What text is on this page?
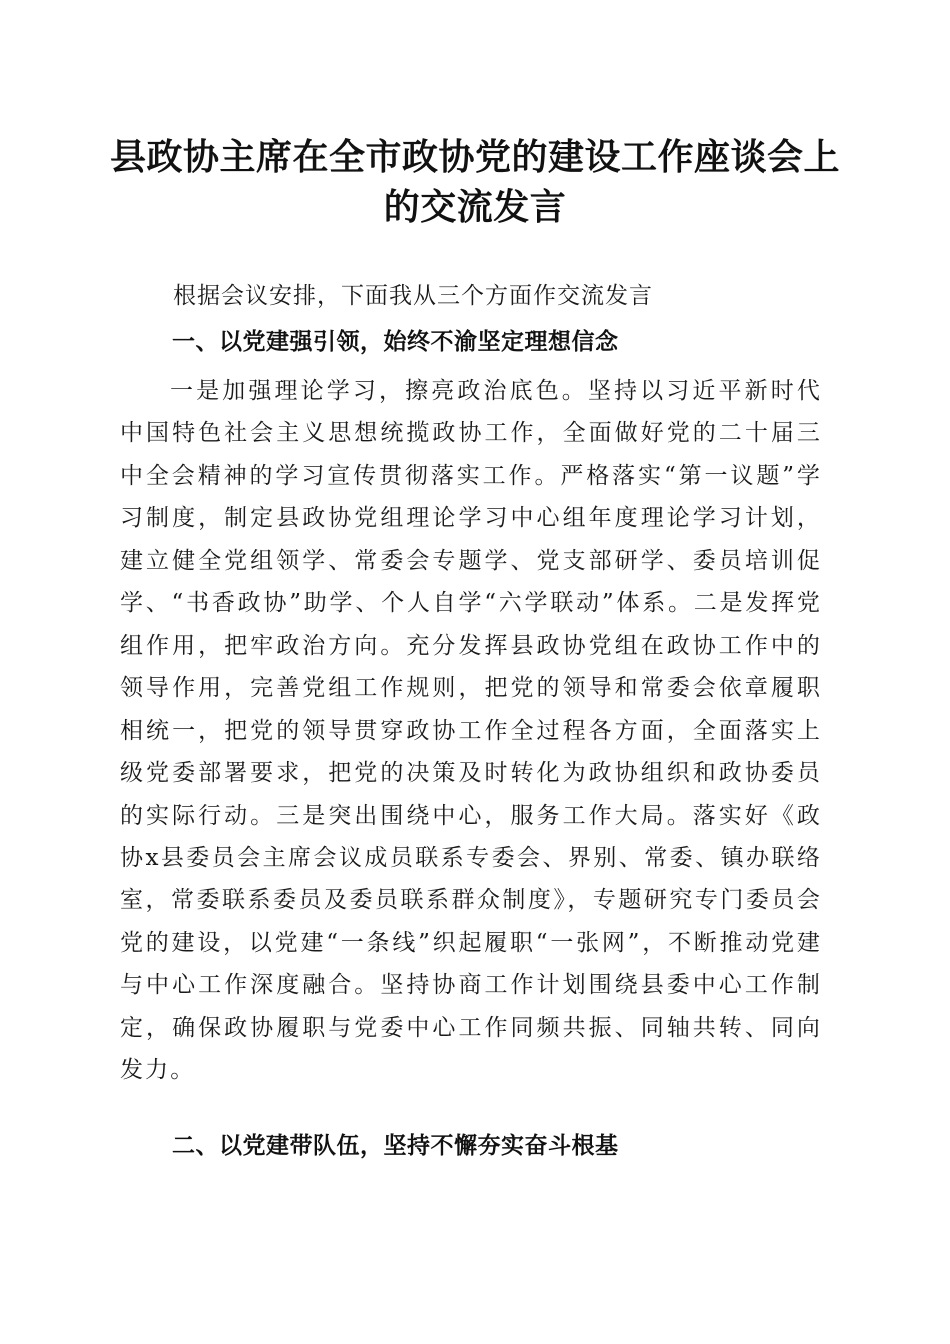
县政协主席在全市政协党的建设工作座谈会上的交流发言

根据会议安排，下面我从三个方面作交流发言

一、以党建强引领，始终不渝坚定理想信念

一是加强理论学习，擦亮政治底色。坚持以习近平新时代中国特色社会主义思想统揽政协工作，全面做好党的二十届三中全会精神的学习宣传贯彻落实工作。严格落实“第一议题”学习制度，制定县政协党组理论学习中心组年度理论学习计划，建立健全党组领学、常委会专题学、党支部研学、委员培训促学、“书香政协”助学、个人自学“六学联动”体系。二是发挥党组作用，把牢政治方向。充分发挥县政协党组在政协工作中的领导作用，完善党组工作规则，把党的领导和常委会依章履职相统一，把党的领导贯穿政协工作全过程各方面，全面落实上级党委部署要求，把党的决策及时转化为政协组织和政协委员的实际行动。三是突出围绕中心，服务工作大局。落实好《政协x县委员会主席会议成员联系专委会、界别、常委、镇办联络室，常委联系委员及委员联系群众制度》，专题研究专门委员会党的建设，以党建“一条线”织起履职“一张网”，不断推动党建与中心工作深度融合。坚持协商工作计划围绕县委中心工作制定，确保政协履职与党委中心工作同频共振、同轴共转、同向发力。

二、以党建带队伍，坚持不懈夯实奋斗根基
